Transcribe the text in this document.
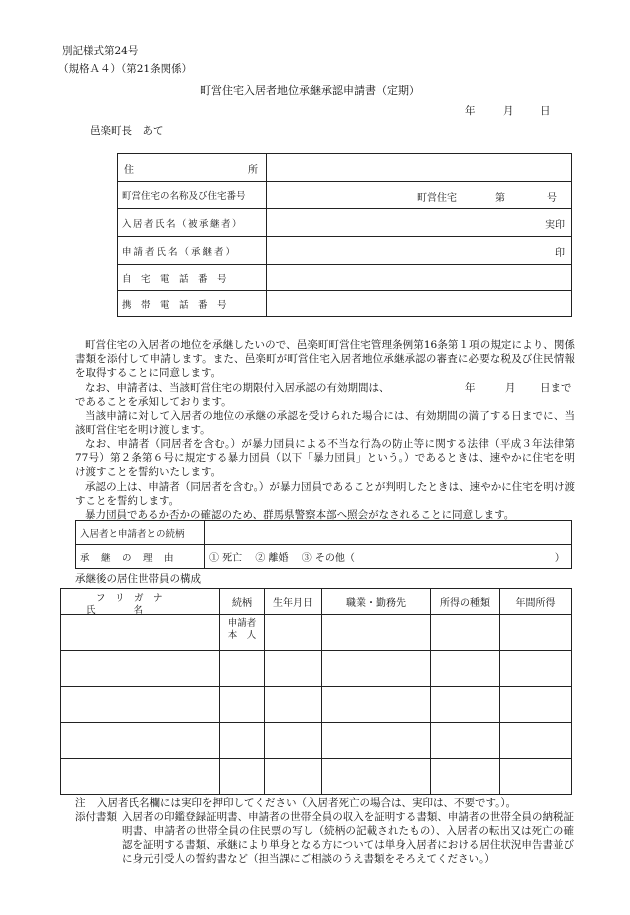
別記様式第24号
（規格Ａ４）（第21条関係）
町営住宅入居者地位承継承認申請書（定期）
年	月	日
邑楽町長　あて
住 所	

町営住宅の名称及び住宅番号	町営住宅 第 号

入居者氏名（被承継者）	実印

申請者氏名（承継者）	印

自　宅　電　話　番　号	
携　帯　電　話　番　号	
町営住宅の入居者の地位を承継したいので、邑楽町町営住宅管理条例第16条第１項の規定により、関係書類を添付して申請します。また、邑楽町が町営住宅入居者地位承継承認の審査に必要な税及び住民情報を取得することに同意します。
なお、申請者は、当該町営住宅の期限付入居承認の有効期間は、	年	月 日まで
であることを承知しております。
当該申請に対して入居者の地位の承継の承認を受けられた場合には、有効期間の満了する日までに、当該町営住宅を明け渡します。
なお、申請者（同居者を含む。）が暴力団員による不当な行為の防止等に関する法律（平成３年法律第77号）第２条第６号に規定する暴力団員（以下「暴力団員」という。）であるときは、速やかに住宅を明け渡すことを誓約いたします。
承認の上は、申請者（同居者を含む。）が暴力団員であることが判明したときは、速やかに住宅を明け渡すことを誓約します。
暴力団員であるか否かの確認のため、群馬県警察本部へ照会がなされることに同意します。
入居者と申請者との続柄	
承　継　の　理　由	① 死亡　 ② 離婚　 ③ その他（　　　　　　　　　　　　　　　　　　　　）
承継後の居住世帯員の構成
フ　リ　ガ　ナ
氏　　　　名	続柄	生年月日	職業・勤務先	所得の種類	年間所得

	申請者
本　人				

注 入居者氏名欄には実印を押印してください（入居者死亡の場合は、実印は、不要です。）。
添付書類 入居者の印鑑登録証明書、申請者の世帯全員の収入を証明する書類、申請者の世帯全員の納税証明書、申請者の世帯全員の住民票の写し（続柄の記載されたもの）、入居者の転出又は死亡の確認を証明する書類、承継により単身となる方については単身入居者における居住状況申告書並びに身元引受人の誓約書など（担当課にご相談のうえ書類をそろえてください。）
